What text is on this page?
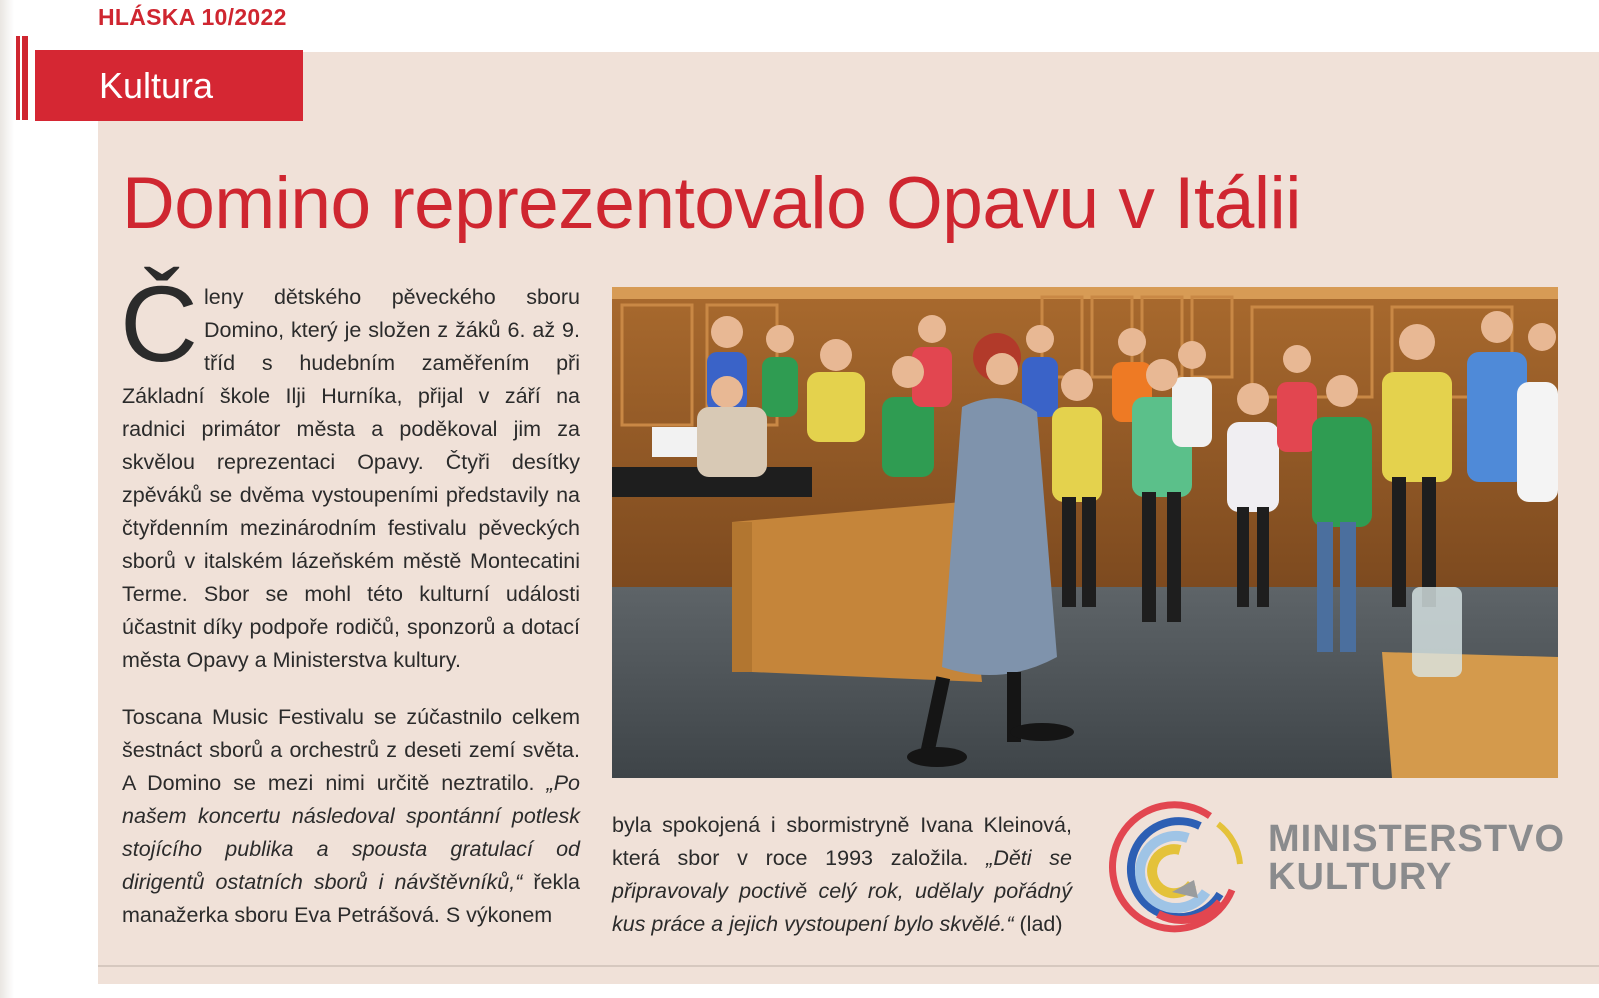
HLÁSKA 10/2022
Kultura
Domino reprezentovalo Opavu v Itálii

Členy dětského pěveckého sboru Domino, který je složen z žáků 6. až 9. tříd s hudebním zaměřením při Základní škole Ilji Hurníka, přijal v září na radnici primátor města a poděkoval jim za skvělou reprezentaci Opavy. Čtyři desítky zpěváků se dvěma vystoupeními představily na čtyřdenním mezinárodním festivalu pěveckých sborů v italském lázeňském městě Montecatini Terme. Sbor se mohl této kulturní události účastnit díky podpoře rodičů, sponzorů a dotací města Opavy a Ministerstva kultury.

Toscana Music Festivalu se zúčastnilo celkem šestnáct sborů a orchestrů z deseti zemí světa. A Domino se mezi nimi určitě neztratilo. „Po našem koncertu následoval spontánní potlesk stojícího publika a spousta gratulací od dirigentů ostatních sborů i návštěvníků,“ řekla manažerka sboru Eva Petrášová. S výkonem

byla spokojená i sbormistryně Ivana Kleinová, která sbor v roce 1993 založila. „Děti se připravovaly poctivě celý rok, udělaly pořádný kus práce a jejich vystoupení bylo skvělé.“ (lad)

MINISTERSTVO
KULTURY
